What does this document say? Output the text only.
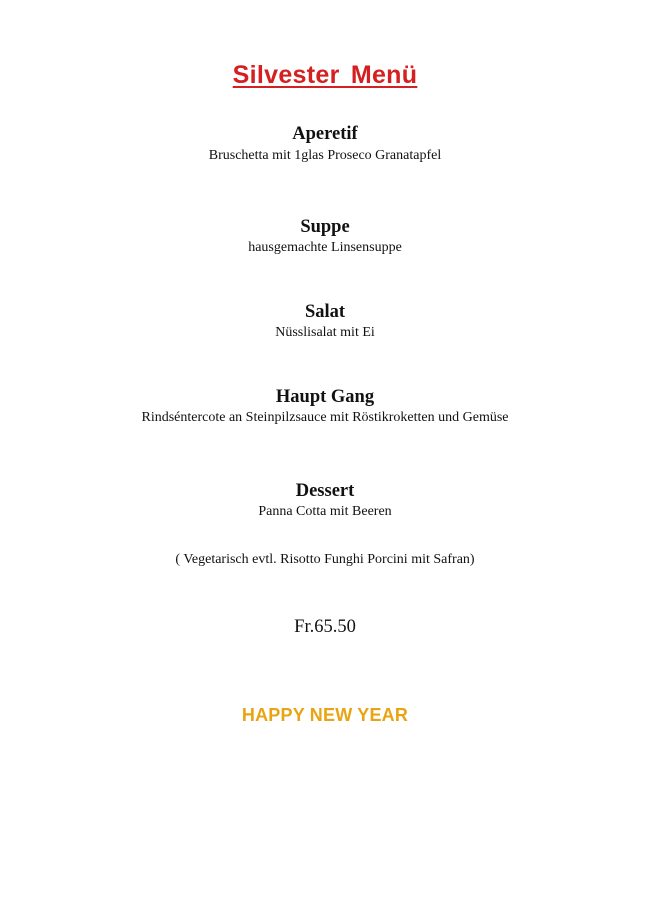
Silvester Menü
Aperetif
Bruschetta mit 1glas Proseco Granatapfel
Suppe
hausgemachte Linsensuppe
Salat
Nüsslisalat mit Ei
Haupt Gang
Rindséntercote an Steinpilzsauce mit Röstikroketten und Gemüse
Dessert
Panna Cotta mit Beeren
( Vegetarisch evtl. Risotto Funghi Porcini mit Safran)
Fr.65.50
HAPPY NEW YEAR
